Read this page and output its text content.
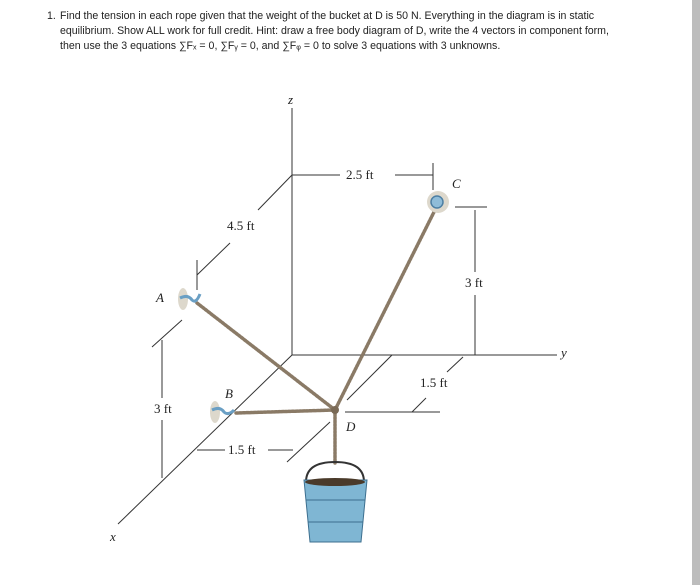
1. Find the tension in each rope given that the weight of the bucket at D is 50 N. Everything in the diagram is in static equilibrium. Show ALL work for full credit. Hint: draw a free body diagram of D, write the 4 vectors in component form, then use the 3 equations ∑Fₓ = 0, ∑Fᵧ = 0, and ∑Fᵩ = 0 to solve 3 equations with 3 unknowns.
z
y
x
A
B
C
D
2.5 ft
4.5 ft
3 ft
1.5 ft
3 ft
1.5 ft
